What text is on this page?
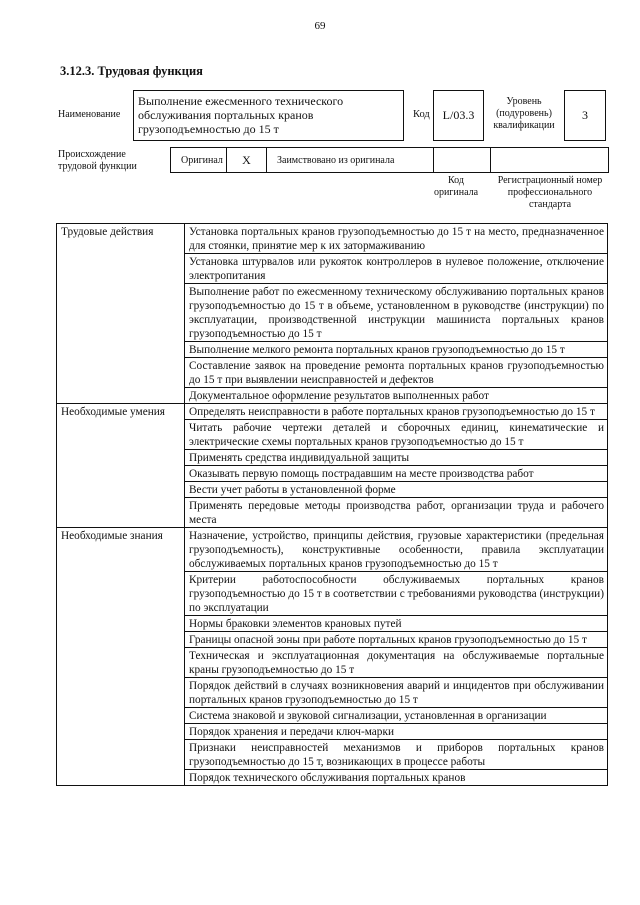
69
3.12.3. Трудовая функция
Наименование
Выполнение ежесменного технического обслуживания портальных кранов грузоподъемностью до 15 т
Код	L/03.3
Уровень (подуровень) квалификации
3
Происхождение трудовой функции
Оригинал	X	Заимствовано из оригинала
Код оригинала
Регистрационный номер профессионального стандарта
Трудовые действия	Установка портальных кранов грузоподъемностью до 15 т на место, предназначенное для стоянки, принятие мер к их затормаживанию
	Установка штурвалов или рукояток контроллеров в нулевое положение, отключение электропитания
	Выполнение работ по ежесменному техническому обслуживанию портальных кранов грузоподъемностью до 15 т в объеме, установленном в руководстве (инструкции) по эксплуатации, производственной инструкции машиниста портальных кранов грузоподъемностью до 15 т
	Выполнение мелкого ремонта портальных кранов грузоподъемностью до 15 т
	Составление заявок на проведение ремонта портальных кранов грузоподъемностью до 15 т при выявлении неисправностей и дефектов
	Документальное оформление результатов выполненных работ
Необходимые умения	Определять неисправности в работе портальных кранов грузоподъемностью до 15 т
	Читать рабочие чертежи деталей и сборочных единиц, кинематические и электрические схемы портальных кранов грузоподъемностью до 15 т
	Применять средства индивидуальной защиты
	Оказывать первую помощь пострадавшим на месте производства работ
	Вести учет работы в установленной форме
	Применять передовые методы производства работ, организации труда и рабочего места
Необходимые знания	Назначение, устройство, принципы действия, грузовые характеристики (предельная грузоподъемность), конструктивные особенности, правила эксплуатации обслуживаемых портальных кранов грузоподъемностью до 15 т
	Критерии работоспособности обслуживаемых портальных кранов грузоподъемностью до 15 т в соответствии с требованиями руководства (инструкции) по эксплуатации
	Нормы браковки элементов крановых путей
	Границы опасной зоны при работе портальных кранов грузоподъемностью до 15 т
	Техническая и эксплуатационная документация на обслуживаемые портальные краны грузоподъемностью до 15 т
	Порядок действий в случаях возникновения аварий и инцидентов при обслуживании портальных кранов грузоподъемностью до 15 т
	Система знаковой и звуковой сигнализации, установленная в организации
	Порядок хранения и передачи ключ-марки
	Признаки неисправностей механизмов и приборов портальных кранов грузоподъемностью до 15 т, возникающих в процессе работы
	Порядок технического обслуживания портальных кранов
